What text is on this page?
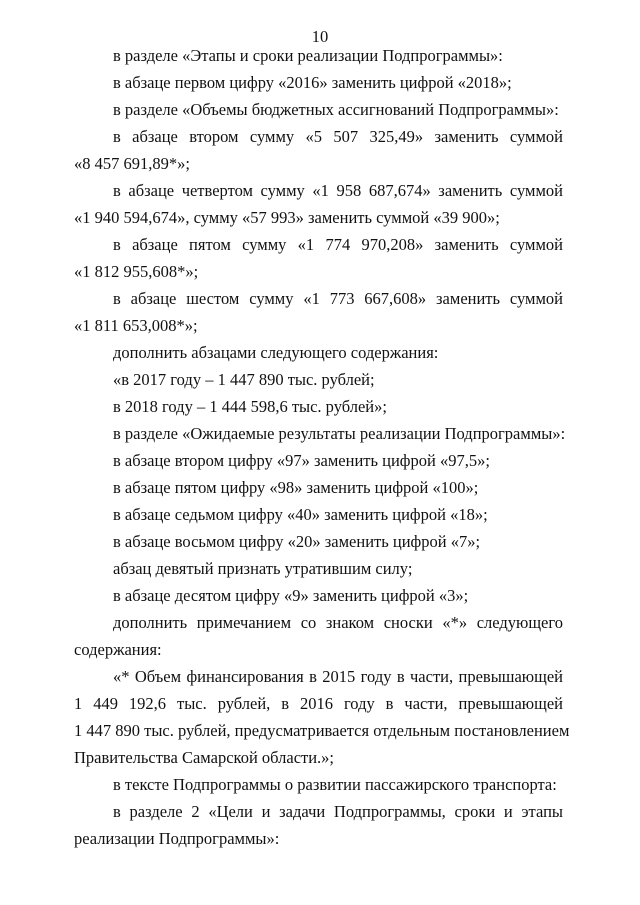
10
в разделе «Этапы и сроки реализации Подпрограммы»:
в абзаце первом цифру «2016» заменить цифрой «2018»;
в разделе «Объемы бюджетных ассигнований Подпрограммы»:
в абзаце втором сумму «5 507 325,49» заменить суммой
«8 457 691,89*»;
в абзаце четвертом сумму «1 958 687,674» заменить суммой
«1 940 594,674», сумму «57 993» заменить суммой «39 900»;
в абзаце пятом сумму «1 774 970,208» заменить суммой
«1 812 955,608*»;
в абзаце шестом сумму «1 773 667,608» заменить суммой
«1 811 653,008*»;
дополнить абзацами следующего содержания:
«в 2017 году – 1 447 890 тыс. рублей;
в 2018 году – 1 444 598,6 тыс. рублей»;
в разделе «Ожидаемые результаты реализации Подпрограммы»:
в абзаце втором цифру «97» заменить цифрой «97,5»;
в абзаце пятом цифру «98» заменить цифрой «100»;
в абзаце седьмом цифру «40» заменить цифрой «18»;
в абзаце восьмом цифру «20» заменить цифрой «7»;
абзац девятый признать утратившим силу;
в абзаце десятом цифру «9» заменить цифрой «3»;
дополнить примечанием со знаком сноски «*» следующего
содержания:
«* Объем финансирования в 2015 году в части, превышающей
1 449 192,6 тыс. рублей, в 2016 году в части, превышающей
1 447 890 тыс. рублей, предусматривается отдельным постановлением
Правительства Самарской области.»;
в тексте Подпрограммы о развитии пассажирского транспорта:
в разделе 2 «Цели и задачи Подпрограммы, сроки и этапы
реализации Подпрограммы»:
